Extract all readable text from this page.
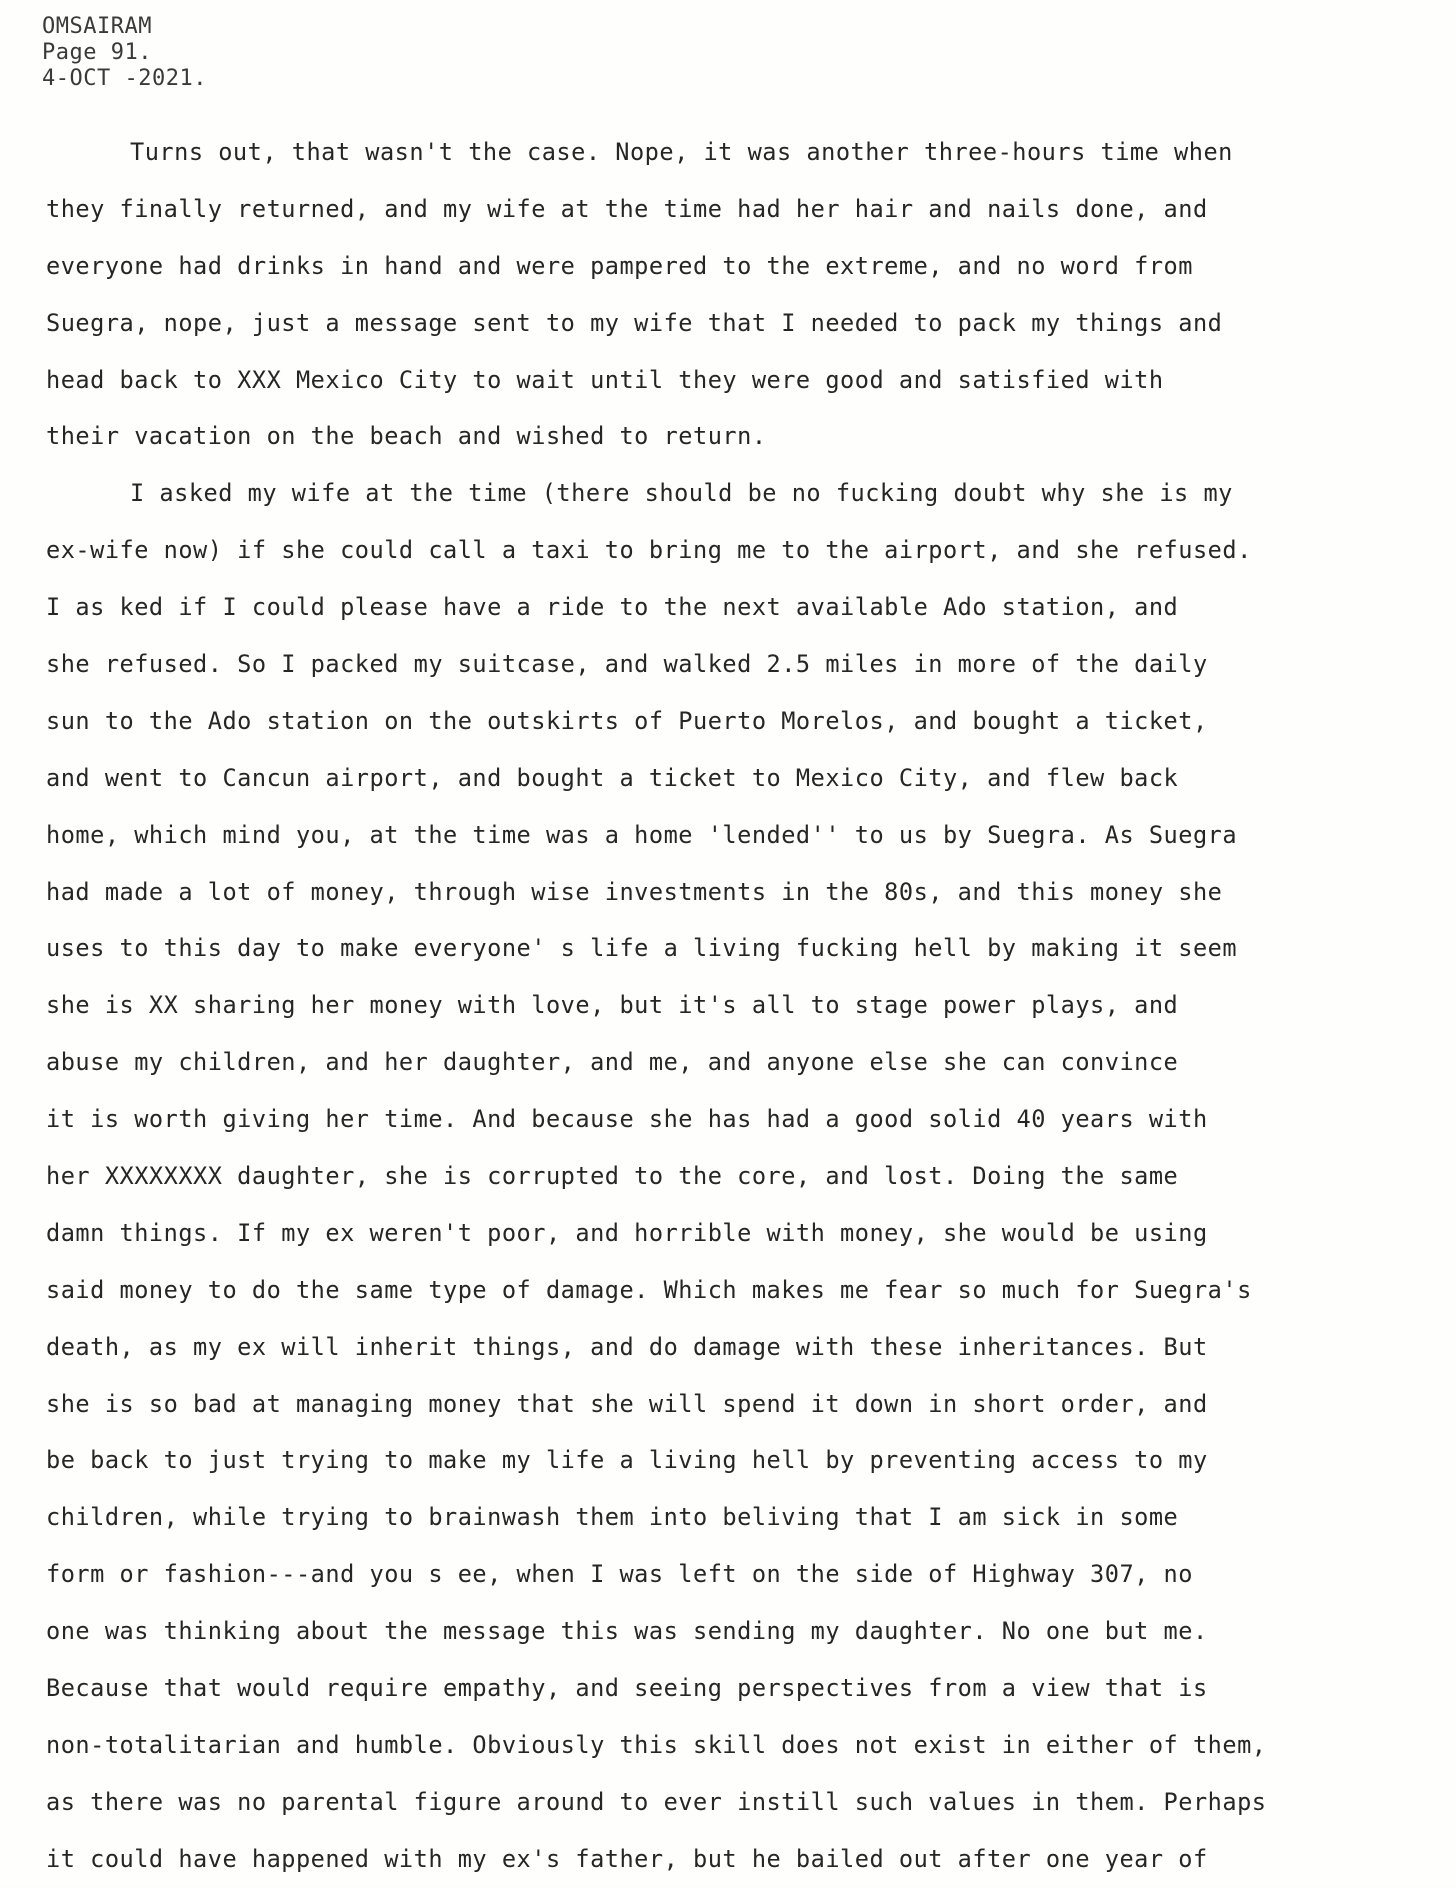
OMSAIRAM
Page 91.
4-OCT -2021.
Turns out, that wasn't the case. Nope, it was another three-hours time when
they finally returned, and my wife at the time had her hair and nails done, and
everyone had drinks in hand and were pampered to the extreme, and no word from
Suegra, nope, just a message sent to my wife that I needed to pack my things and
head back to XXX Mexico City to wait until they were good and satisfied with
their vacation on the beach and wished to return.
I asked my wife at the time (there should be no fucking doubt why she is my
ex-wife now) if she could call a taxi to bring me to the airport, and she refused.
I as ked if I could please have a ride to the next available Ado station, and
she refused. So I packed my suitcase, and walked 2.5 miles in more of the daily
sun to the Ado station on the outskirts of Puerto Morelos, and bought a ticket,
and went to Cancun airport, and bought a ticket to Mexico City, and flew back
home, which mind you, at the time was a home 'lended'' to us by Suegra. As Suegra
had made a lot of money, through wise investments in the 80s, and this money she
uses to this day to make everyone' s life a living fucking hell by making it seem
she is XX sharing her money with love, but it's all to stage power plays, and
abuse my children, and her daughter, and me, and anyone else she can convince
it is worth giving her time. And because she has had a good solid 40 years with
her XXXXXXXX daughter, she is corrupted to the core, and lost. Doing the same
damn things. If my ex weren't poor, and horrible with money, she would be using
said money to do the same type of damage. Which makes me fear so much for Suegra's
death, as my ex will inherit things, and do damage with these inheritances. But
she is so bad at managing money that she will spend it down in short order, and
be back to just trying to make my life a living hell by preventing access to my
children, while trying to brainwash them into beliving that I am sick in some
form or fashion---and you s ee, when I was left on the side of Highway 307, no
one was thinking about the message this was sending my daughter. No one but me.
Because that would require empathy, and seeing perspectives from a view that is
non-totalitarian and humble. Obviously this skill does not exist in either of them,
as there was no parental figure around to ever instill such values in them. Perhaps
it could have happened with my ex's father, but he bailed out after one year of
